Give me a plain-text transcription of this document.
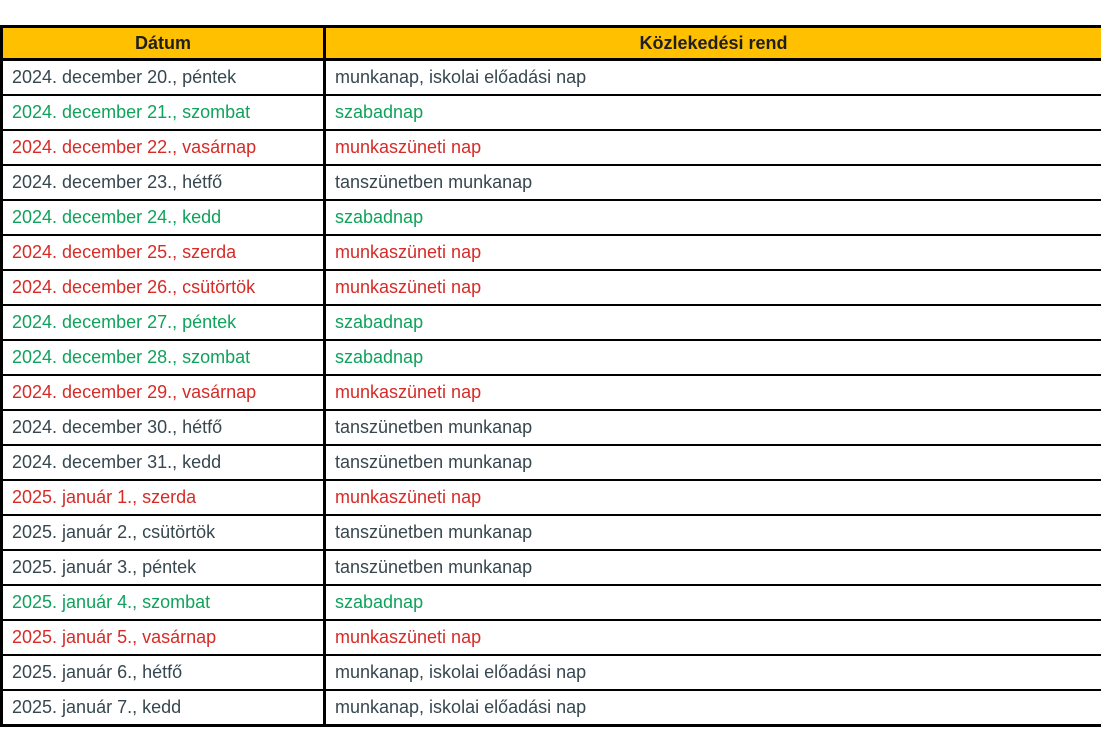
Dátum	Közlekedési rend
2024. december 20., péntek	munkanap, iskolai előadási nap
2024. december 21., szombat	szabadnap
2024. december 22., vasárnap	munkaszüneti nap
2024. december 23., hétfő	tanszünetben munkanap
2024. december 24., kedd	szabadnap
2024. december 25., szerda	munkaszüneti nap
2024. december 26., csütörtök	munkaszüneti nap
2024. december 27., péntek	szabadnap
2024. december 28., szombat	szabadnap
2024. december 29., vasárnap	munkaszüneti nap
2024. december 30., hétfő	tanszünetben munkanap
2024. december 31., kedd	tanszünetben munkanap
2025. január 1., szerda	munkaszüneti nap
2025. január 2., csütörtök	tanszünetben munkanap
2025. január 3., péntek	tanszünetben munkanap
2025. január 4., szombat	szabadnap
2025. január 5., vasárnap	munkaszüneti nap
2025. január 6., hétfő	munkanap, iskolai előadási nap
2025. január 7., kedd	munkanap, iskolai előadási nap
